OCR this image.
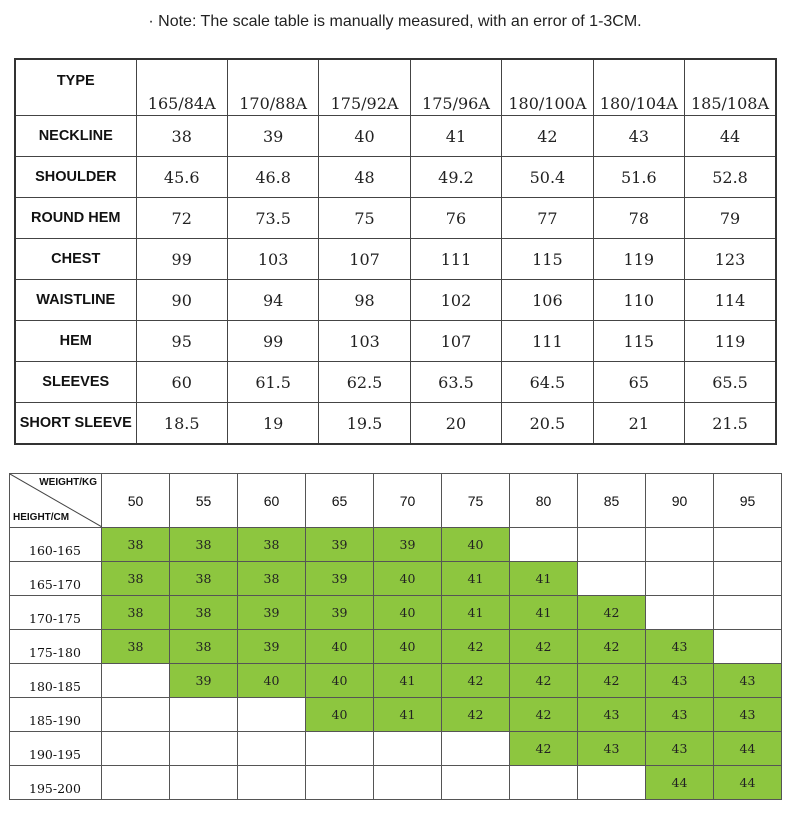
· Note: The scale table is manually measured, with an error of 1-3CM.
TYPE	165/84A	170/88A	175/92A	175/96A	180/100A	180/104A	185/108A
NECKLINE	38	39	40	41	42	43	44
SHOULDER	45.6	46.8	48	49.2	50.4	51.6	52.8
ROUND HEM	72	73.5	75	76	77	78	79
CHEST	99	103	107	111	115	119	123
WAISTLINE	90	94	98	102	106	110	114
HEM	95	99	103	107	111	115	119
SLEEVES	60	61.5	62.5	63.5	64.5	65	65.5
SHORT SLEEVE	18.5	19	19.5	20	20.5	21	21.5
WEIGHT/KG
HEIGHT/CM	50	55	60	65	70	75	80	85	90	95
160-165	38	38	38	39	39	40				
165-170	38	38	38	39	40	41	41			
170-175	38	38	39	39	40	41	41	42		
175-180	38	38	39	40	40	42	42	42	43	
180-185		39	40	40	41	42	42	42	43	43
185-190				40	41	42	42	43	43	43
190-195							42	43	43	44
195-200									44	44
